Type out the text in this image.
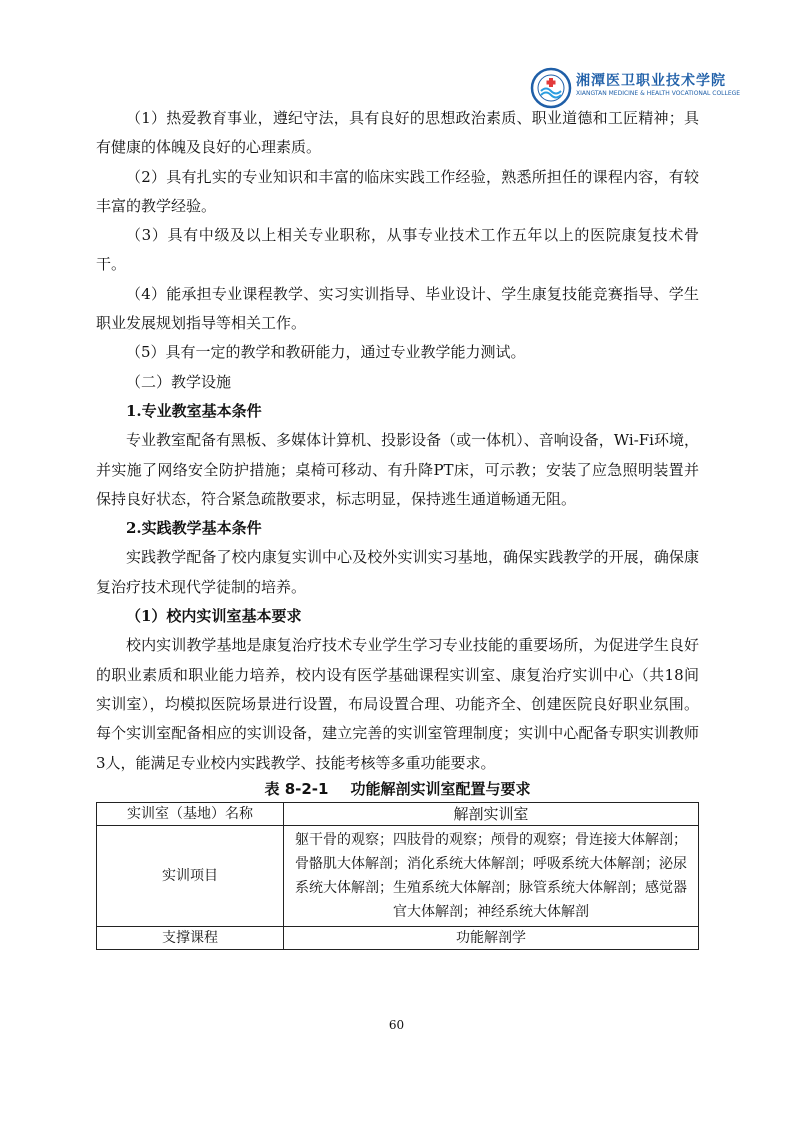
湘潭医卫职业技术学院
XIANGTAN MEDICINE & HEALTH VOCATIONAL COLLEGE

（1）热爱教育事业，遵纪守法，具有良好的思想政治素质、职业道德和工匠精神；具有健康的体魄及良好的心理素质。

（2）具有扎实的专业知识和丰富的临床实践工作经验，熟悉所担任的课程内容，有较丰富的教学经验。

（3）具有中级及以上相关专业职称，从事专业技术工作五年以上的医院康复技术骨干。

（4）能承担专业课程教学、实习实训指导、毕业设计、学生康复技能竞赛指导、学生职业发展规划指导等相关工作。

（5）具有一定的教学和教研能力，通过专业教学能力测试。

（二）教学设施
1.专业教室基本条件

专业教室配备有黑板、多媒体计算机、投影设备（或一体机）、音响设备，Wi-Fi环境，并实施了网络安全防护措施；桌椅可移动、有升降PT床，可示教；安装了应急照明装置并保持良好状态，符合紧急疏散要求，标志明显，保持逃生通道畅通无阻。

2.实践教学基本条件

实践教学配备了校内康复实训中心及校外实训实习基地，确保实践教学的开展，确保康复治疗技术现代学徒制的培养。

（1）校内实训室基本要求

校内实训教学基地是康复治疗技术专业学生学习专业技能的重要场所，为促进学生良好的职业素质和职业能力培养，校内设有医学基础课程实训室、康复治疗实训中心（共18间实训室），均模拟医院场景进行设置，布局设置合理、功能齐全、创建医院良好职业氛围。每个实训室配备相应的实训设备，建立完善的实训室管理制度；实训中心配备专职实训教师3人，能满足专业校内实践教学、技能考核等多重功能要求。

表 8-2-1 功能解剖实训室配置与要求
实训室（基地）名称	解剖实训室
实训项目	躯干骨的观察；四肢骨的观察；颅骨的观察；骨连接大体解剖；骨骼肌大体解剖；消化系统大体解剖；呼吸系统大体解剖；泌尿系统大体解剖；生殖系统大体解剖；脉管系统大体解剖；感觉器官大体解剖；神经系统大体解剖
支撑课程	功能解剖学
60
